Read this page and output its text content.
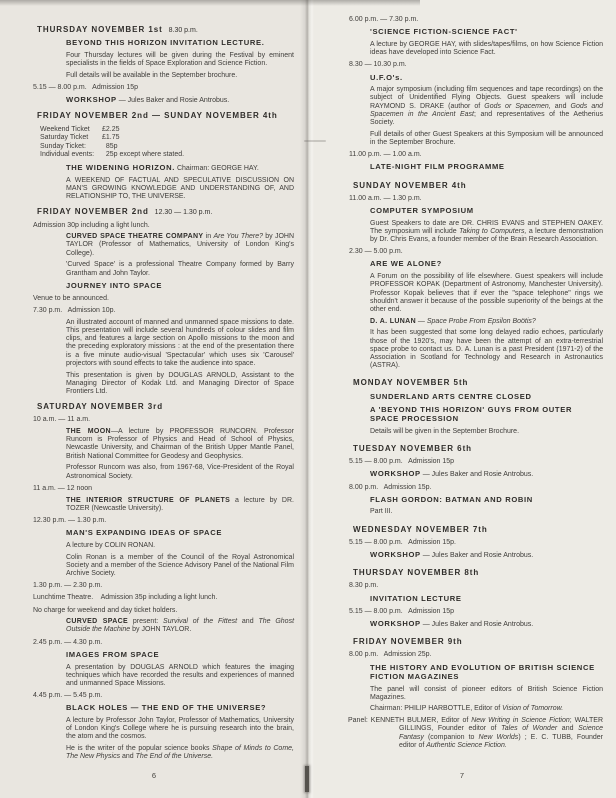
THURSDAY NOVEMBER 1st   8.30 p.m.
BEYOND THIS HORIZON INVITATION LECTURE.
Four Thursday lectures will be given during the Festival by eminent specialists in the fields of Space Exploration and Science Fiction.
Full details will be available in the September brochure.
5.15 — 8.00 p.m.   Admission 15p
WORKSHOP — Jules Baker and Rosie Antrobus.
FRIDAY NOVEMBER 2nd — SUNDAY NOVEMBER 4th
Weekend Ticket £2.25
Saturday Ticket £1.75
Sunday Ticket:  85p
Individual events:  25p except where stated.
THE WIDENING HORIZON. Chairman: GEORGE HAY.
A WEEKEND OF FACTUAL AND SPECULATIVE DISCUSSION ON MAN'S GROWING KNOWLEDGE AND UNDERSTANDING OF, AND RELATIONSHIP TO, THE UNIVERSE.
FRIDAY NOVEMBER 2nd   12.30 — 1.30 p.m.
Admission 30p including a light lunch.
CURVED SPACE THEATRE COMPANY in Are You There? by JOHN TAYLOR (Professor of Mathematics, University of London King's College).
'Curved Space' is a professional Theatre Company formed by Barry Grantham and John Taylor.
JOURNEY INTO SPACE
Venue to be announced.
7.30 p.m.   Admission 10p.
An illustrated account of manned and unmanned space missions to date. This presentation will include several hundreds of colour slides and film clips, and features a large section on Apollo missions to the moon and the preceding exploratory missions : at the end of the presentation there is a five minute audio-visual 'Spectacular' which uses six 'Carousel' projectors with sound effects to take the audience into space.
This presentation is given by DOUGLAS ARNOLD, Assistant to the Managing Director of Kodak Ltd. and Managing Director of Space Frontiers Ltd.
SATURDAY NOVEMBER 3rd
10 a.m. — 11 a.m.
THE MOON—A lecture by PROFESSOR RUNCORN. Professor Runcorn is Professor of Physics and Head of School of Physics, Newcastle University, and Chairman of the British Upper Mantle Panel, British National Committee for Geodesy and Geophysics.
Professor Runcorn was also, from 1967-68, Vice-President of the Royal Astronomical Society.
11 a.m. — 12 noon
THE INTERIOR STRUCTURE OF PLANETS a lecture by DR. TOZER (Newcastle University).
12.30 p.m. — 1.30 p.m.
MAN'S EXPANDING IDEAS OF SPACE
A lecture by COLIN RONAN.
Colin Ronan is a member of the Council of the Royal Astronomical Society and a member of the Science Advisory Panel of the National Film Archive Society.
1.30 p.m. — 2.30 p.m.
Lunchtime Theatre.    Admission 35p including a light lunch.
No charge for weekend and day ticket holders.
CURVED SPACE present: Survival of the Fittest and The Ghost Outside the Machine by JOHN TAYLOR.
2.45 p.m. — 4.30 p.m.
IMAGES FROM SPACE
A presentation by DOUGLAS ARNOLD which features the imaging techniques which have recorded the results and experiences of manned and unmanned Space Missions.
4.45 p.m. — 5.45 p.m.
BLACK HOLES — THE END OF THE UNIVERSE?
A lecture by Professor John Taylor, Professor of Mathematics, University of London King's College where he is pursuing research into the brain, the atom and the cosmos.
He is the writer of the popular science books Shape of Minds to Come, The New Physics and The End of the Universe.
6
6.00 p.m. — 7.30 p.m.
'SCIENCE FICTION-SCIENCE FACT'
A lecture by GEORGE HAY, with slides/tapes/films, on how Science Fiction ideas have developed into Science Fact.
8.30 — 10.30 p.m.
U.F.O's.
A major symposium (including film sequences and tape recordings) on the subject of Unidentified Flying Objects. Guest speakers will include RAYMOND S. DRAKE (author of Gods or Spacemen, and Gods and Spacemen in the Ancient East; and representatives of the Aetherius Society.
Full details of other Guest Speakers at this Symposium will be announced in the September Brochure.
11.00 p.m. — 1.00 a.m.
LATE-NIGHT FILM PROGRAMME
SUNDAY NOVEMBER 4th
11.00 a.m. — 1.30 p.m.
COMPUTER SYMPOSIUM
Guest Speakers to date are DR. CHRIS EVANS and STEPHEN OAKEY. The symposium will include Taking to Computers, a lecture demonstration by Dr. Chris Evans, a founder member of the Brain Research Association.
2.30 — 5.00 p.m.
ARE WE ALONE?
A Forum on the possibility of life elsewhere. Guest speakers will include PROFESSOR KOPAK (Department of Astronomy, Manchester University). Professor Kopak believes that if ever the "space telephone" rings we shouldn't answer it because of the possible superiority of the beings at the other end.
D. A. LUNAN — Space Probe From Epsilon Boötis?
It has been suggested that some long delayed radio echoes, particularly those of the 1920's, may have been the attempt of an extra-terrestrial space probe to contact us. D. A. Lunan is a past President (1971-2) of the Association in Scotland for Technology and Research in Astronautics (ASTRA).
MONDAY NOVEMBER 5th
SUNDERLAND ARTS CENTRE CLOSED
A 'BEYOND THIS HORIZON' GUYS FROM OUTER SPACE PROCESSION
Details will be given in the September Brochure.
TUESDAY NOVEMBER 6th
5.15 — 8.00 p.m.   Admission 15p
WORKSHOP — Jules Baker and Rosie Antrobus.
8.00 p.m.   Admission 15p.
FLASH GORDON: BATMAN AND ROBIN
Part III.
WEDNESDAY NOVEMBER 7th
5.15 — 8.00 p.m.   Admission 15p.
WORKSHOP — Jules Baker and Rosie Antrobus.
THURSDAY NOVEMBER 8th
8.30 p.m.
INVITATION LECTURE
5.15 — 8.00 p.m.   Admission 15p
WORKSHOP — Jules Baker and Rosie Antrobus.
FRIDAY NOVEMBER 9th
8.00 p.m.   Admission 25p.
THE HISTORY AND EVOLUTION OF BRITISH SCIENCE FICTION MAGAZINES
The panel will consist of pioneer editors of British Science Fiction Magazines.
Chairman: PHILIP HARBOTTLE, Editor of Vision of Tomorrow.
Panel: KENNETH BULMER, Editor of New Writing in Science Fiction; WALTER GILLINGS, Founder editor of Tales of Wonder and Science Fantasy (companion to New Worlds) ; E. C. TUBB, Founder editor of Authentic Science Fiction.
7
